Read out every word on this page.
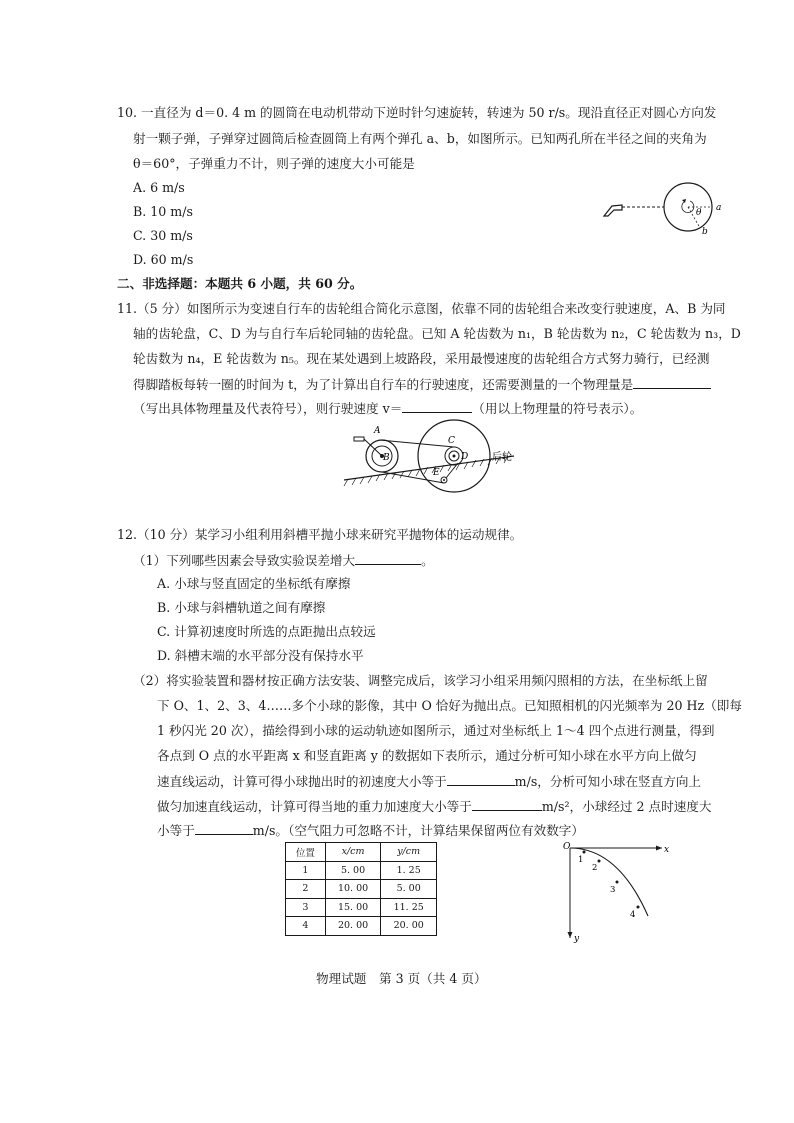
10. 一直径为 d＝0. 4 m 的圆筒在电动机带动下逆时针匀速旋转，转速为 50 r/s。现沿直径正对圆心方向发
射一颗子弹，子弹穿过圆筒后检查圆筒上有两个弹孔 a、b，如图所示。已知两孔所在半径之间的夹角为
θ＝60°，子弹重力不计，则子弹的速度大小可能是
A. 6 m/s
B. 10 m/s
C. 30 m/s
D. 60 m/s
θ a
b
二、非选择题：本题共 6 小题，共 60 分。
11.（5 分）如图所示为变速自行车的齿轮组合简化示意图，依靠不同的齿轮组合来改变行驶速度，A、B 为同
轴的齿轮盘，C、D 为与自行车后轮同轴的齿轮盘。已知 A 轮齿数为 n₁，B 轮齿数为 n₂，C 轮齿数为 n₃，D
轮齿数为 n₄，E 轮齿数为 n₅。现在某处遇到上坡路段，采用最慢速度的齿轮组合方式努力骑行，已经测
得脚踏板每转一圈的时间为 t，为了计算出自行车的行驶速度，还需要测量的一个物理量是
（写出具体物理量及代表符号），则行驶速度 v＝	（用以上物理量的符号表示）。
A
B
C
D
E
后轮
12.（10 分）某学习小组利用斜槽平抛小球来研究平抛物体的运动规律。
（1）下列哪些因素会导致实验误差增大	。
A. 小球与竖直固定的坐标纸有摩擦
B. 小球与斜槽轨道之间有摩擦
C. 计算初速度时所选的点距抛出点较远
D. 斜槽末端的水平部分没有保持水平
（2）将实验装置和器材按正确方法安装、调整完成后，该学习小组采用频闪照相的方法，在坐标纸上留
下 O、1、2、3、4……多个小球的影像，其中 O 恰好为抛出点。已知照相机的闪光频率为 20 Hz（即每
1 秒闪光 20 次），描绘得到小球的运动轨迹如图所示，通过对坐标纸上 1～4 四个点进行测量，得到
各点到 O 点的水平距离 x 和竖直距离 y 的数据如下表所示，通过分析可知小球在水平方向上做匀
速直线运动，计算可得小球抛出时的初速度大小等于	m/s，分析可知小球在竖直方向上
做匀加速直线运动，计算可得当地的重力加速度大小等于	m/s²，小球经过 2 点时速度大
小等于	m/s。（空气阻力可忽略不计，计算结果保留两位有效数字）
位置	x/cm	y/cm
1	5. 00	1. 25
2	10. 00	5. 00
3	15. 00	11. 25
4	20. 00	20. 00
O	x
y
1
2
3
4
物理试题　第 3 页（共 4 页）
